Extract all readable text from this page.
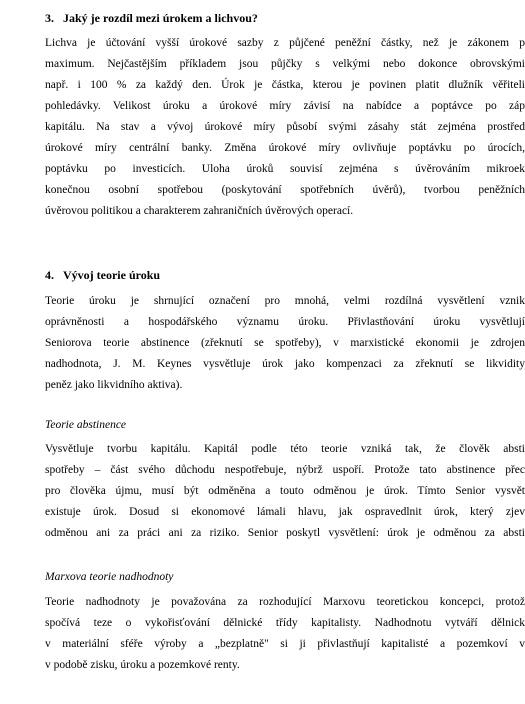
3. Jaký je rozdíl mezi úrokem a lichvou?
Lichva je účtování vyšší úrokové sazby z půjčené peněžní částky, než je zákonem p
maximum. Nejčastějším příkladem jsou půjčky s velkými nebo dokonce obrovskými
např. i 100 % za každý den. Úrok je částka, kterou je povinen platit dlužník věřiteli
pohledávky. Velikost úroku a úrokové míry závisí na nabídce a poptávce po záp
kapitálu. Na stav a vývoj úrokové míry působí svými zásahy stát zejména prostřed
úrokové míry centrální banky. Změna úrokové míry ovlivňuje poptávku po úrocích,
poptávku po investicích. Uloha úroků souvisí zejména s úvěrováním mikroek
konečnou osobní spotřebou (poskytování spotřebních úvěrů), tvorbou peněžních
úvěrovou politikou a charakterem zahraničních úvěrových operací.
4. Vývoj teorie úroku
Teorie úroku je shrnující označení pro mnohá, velmi rozdílná vysvětlení vznik
oprávněnosti a hospodářského významu úroku. Přivlastňování úroku vysvětlují
Seniorova teorie abstinence (zřeknutí se spotřeby), v marxistické ekonomii je zdrojen
nadhodnota, J. M. Keynes vysvětluje úrok jako kompenzaci za zřeknutí se likvidity
peněz jako likvidního aktiva).
Teorie abstinence
Vysvětluje tvorbu kapitálu. Kapitál podle této teorie vzniká tak, že člověk absti
spotřeby – část svého důchodu nespotřebuje, nýbrž uspoří. Protože tato abstinence přec
pro člověka újmu, musí být odměněna a touto odměnou je úrok. Tímto Senior vysvět
existuje úrok. Dosud si ekonomové lámali hlavu, jak ospravedlnit úrok, který zjev
odměnou ani za práci ani za riziko. Senior poskytl vysvětlení: úrok je odměnou za absti
Marxova teorie nadhodnoty
Teorie nadhodnoty je považována za rozhodující Marxovu teoretickou koncepci, protož
spočívá teze o vykořisťování dělnické třídy kapitalisty. Nadhodnotu vytváří dělnick
v materiální sféře výroby a „bezplatně" si ji přivlastňují kapitalisté a pozemkoví v
v podobě zisku, úroku a pozemkové renty.
